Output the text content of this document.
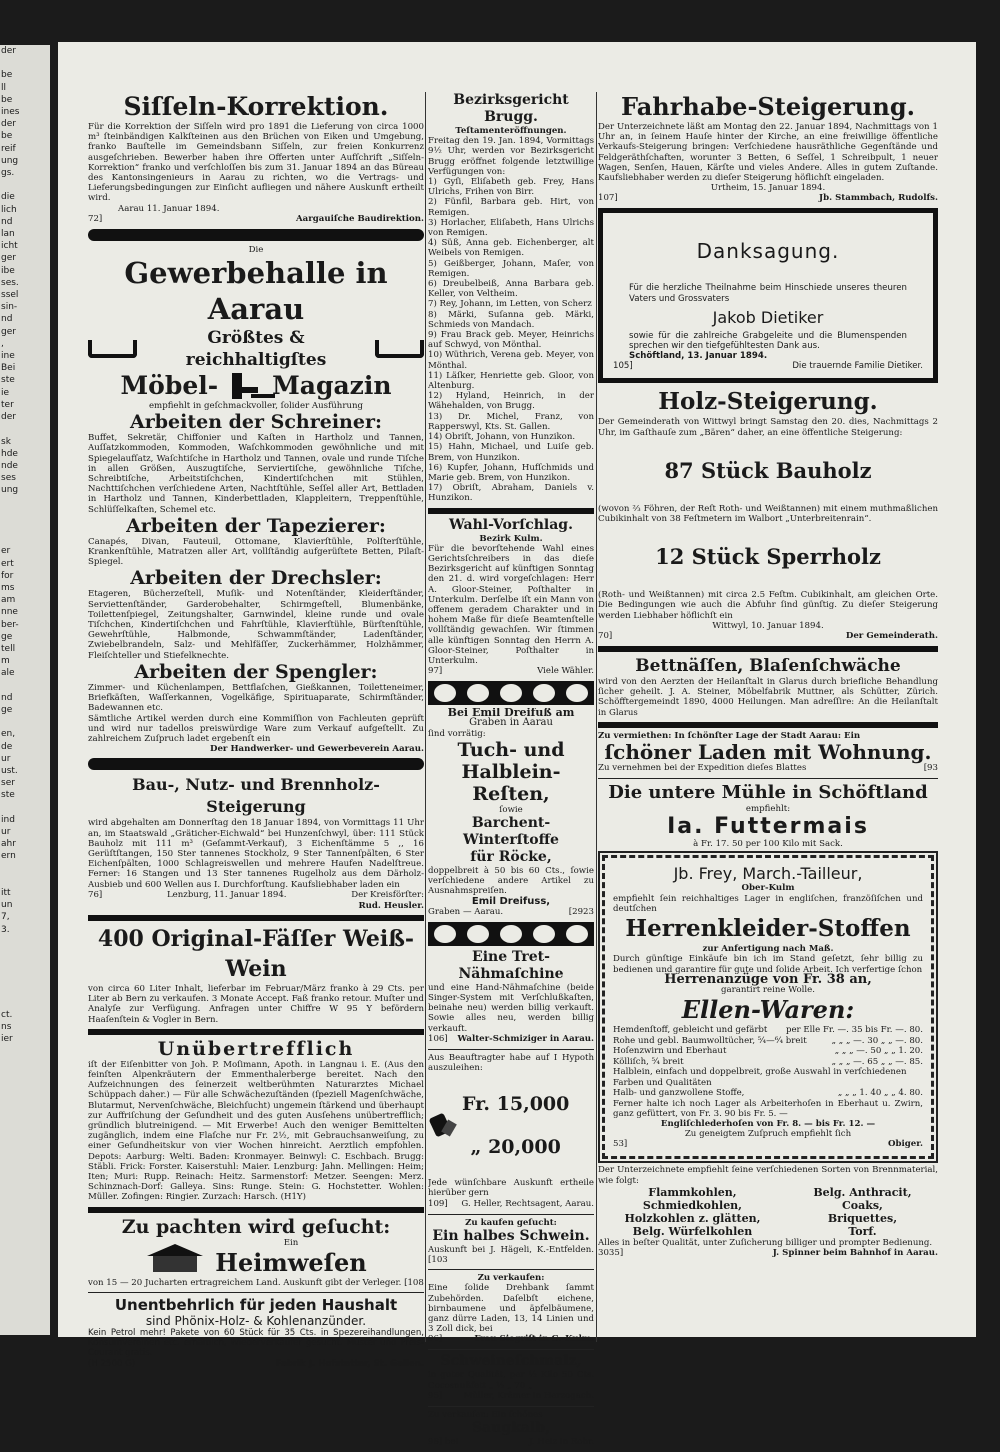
der

be
ll
be
ines
der
be
reif
ung
gs.

die
lich
nd
lan
icht
ger
ibe
ses.
ssel
sin-
nd
ger
,
ine
Bei
ste
ie
ter
der

sk
hde
nde
ses
ung

er
ert
for
ms
am
nne
ber-
ge
tell
m
ale

nd
ge

en,
de
ur
ust.
ser
ste

ind
ur
ahr
ern

itt
un
7,
3.

ct.
ns
ier

Siſſeln-Korrektion.

Für die Korrektion der Siſſeln wird pro 1891 die Lieferung von circa 1000 m³ ſteinbändigen Kalkſteinen aus den Brüchen von Eiken und Umgebung, franko Bauſtelle im Gemeindsbann Siſſeln, zur freien Konkurrenz ausgeſchrieben. Bewerber haben ihre Offerten unter Aufſchrift „Siſſeln-Korrektion“ franko und verſchloſſen bis zum 31. Januar 1894 an das Büreau des Kantonsingenieurs in Aarau zu richten, wo die Vertrags- und Lieferungsbedingungen zur Einſicht aufliegen und nähere Auskunft ertheilt wird.

Aarau 11. Januar 1894.

72]	Aargauiſche Baudirektion.

Die

Gewerbehalle in Aarau

Größtes & reichhaltigſtes
Möbel- Magazin

empfiehlt in geſchmackvoller, ſolider Ausführung

Arbeiten der Schreiner:

Buffet, Sekretär, Chiffonier und Kaſten in Hartholz und Tannen, Auſſatzkommoden, Kommoden, Waſchkommoden gewöhnliche und mit Spiegelaufſatz, Waſchtiſche in Hartholz und Tannen, ovale und runde Tiſche in allen Größen, Auszugtiſche, Serviertiſche, gewöhnliche Tiſche, Schreibtiſche, Arbeitstiſchchen, Kindertiſchchen mit Stühlen, Nachttiſchchen verſchiedene Arten, Nachtſtühle, Seſſel aller Art, Bettladen in Hartholz und Tannen, Kinderbettladen, Klappleitern, Treppenſtühle, Schlüſſelkaſten, Schemel etc.

Arbeiten der Tapezierer:

Canapés, Divan, Fauteuil, Ottomane, Klavierſtühle, Polſterſtühle, Krankenſtühle, Matratzen aller Art, vollſtändig aufgerüſtete Betten, Pilaſt-Spiegel.

Arbeiten der Drechsler:

Etageren, Bücherzeſtell, Muſik- und Notenſtänder, Kleiderſtänder, Serviettenſtänder, Garderobehalter, Schirmgeſtell, Blumenbänke, Toilettenſpiegel, Zeitungshalter, Garnwindel, kleine runde und ovale Tiſchchen, Kindertiſchchen und Fahrſtühle, Klavierſtühle, Bürſtenſtühle, Gewehrſtühle, Halbmonde, Schwammſtänder, Ladenſtänder, Zwiebelbrandeln, Salz- und Mehlfäſſer, Zuckerhämmer, Holzhämmer, Fleiſchteller und Stiefelknechte.

Arbeiten der Spengler:

Zimmer- und Küchenlampen, Bettflaſchen, Gießkannen, Toiletteneimer, Briefkäſten, Waſſerkannen, Vogelkäfige, Spirituaparate, Schirmſtänder, Badewannen etc.

Sämtliche Artikel werden durch eine Kommiſſion von Fachleuten geprüft und wird nur tadellos preiswürdige Ware zum Verkauf aufgeſtellt. Zu zahlreichem Zuſpruch ladet ergebenſt ein

Der Handwerker- und Gewerbeverein Aarau.

Bau-, Nutz- und Brennholz-Steigerung

wird abgehalten am Donnerſtag den 18 Januar 1894, von Vormittags 11 Uhr an, im Staatswald „Gräticher-Eichwald“ bei Hunzenſchwyl, über: 111 Stück Bauholz mit 111 m³ (Geſammt-Verkauf), 3 Eichenſtämme 5 ,, 16 Gerüſtſtangen, 150 Ster tannenes Stockholz, 9 Ster Tannenſpälten, 6 Ster Eichenſpälten, 1000 Schlagreiswellen und mehrere Haufen Nadelſtreue. Ferner: 16 Stangen und 13 Ster tannenes Rugelholz aus dem Därholz-Ausbieb und 600 Wellen aus I. Durchforſtung. Kaufsliebhaber laden ein

76]	Lenzburg, 11. Januar 1894.	Der Kreisförſter:

Rud. Heusler.

400 Original-Fäſſer Weiß-Wein

von circa 60 Liter Inhalt, lieferbar im Februar/März franko à 29 Cts. per Liter ab Bern zu verkaufen. 3 Monate Accept. Faß franko retour. Muſter und Analyſe zur Verfügung. Anfragen unter Chiffre W 95 Y befördern Haaſenſtein & Vogler in Bern.

Unübertrefflich

iſt der Eiſenbitter von Joh. P. Moſimann, Apoth. in Langnau i. E. (Aus den feinſten Alpenkräutern der Emmenthalerberge bereitet. Nach den Aufzeichnungen des ſeinerzeit weltberühmten Naturarztes Michael Schüppach daher.) — Für alle Schwächezuſtänden (ſpeziell Magenſchwäche, Blutarmut, Nervenſchwäche, Bleichſucht) ungemein ſtärkend und überhaupt zur Auffriſchung der Geſundheit und des guten Ausſehens unübertrefflich; gründlich blutreinigend. — Mit Erwerbe! Auch den weniger Bemittelten zugänglich, indem eine Flaſche nur Fr. 2½, mit Gebrauchsanweiſung, zu einer Geſundheitskur von vier Wochen hinreicht. Aerztlich empfohlen. Depots: Aarburg: Welti. Baden: Kronmayer. Beinwyl: C. Eschbach. Brugg: Stäbli. Frick: Forster. Kaiserstuhl: Maier. Lenzburg: Jahn. Mellingen: Heim; Iten; Muri: Rupp. Reinach: Heitz. Sarmenstorf: Metzer. Seengen: Merz. Schinznach-Dorf: Galleya. Sins: Runge. Stein: G. Hochstetter. Wohlen: Müller. Zofingen: Ringier. Zurzach: Harsch. (H1Y)

Zu pachten wird geſucht:

Ein

Heimweſen

von 15 — 20 Jucharten ertragreichem Land. Auskunft gibt der Verleger. [108

Unentbehrlich für jeden Haushalt

sind Phönix-Holz- & Kohlenanzünder.

Kein Petrol mehr! Pakete von 60 Stück für 35 Cts. in Spezereihandlungen, Konsumvereinen etc. erhältlich, Wiederverkäufer gesucht. Muster und Preis-Courant gratis.

(H 2500 G)	Fabrik J. Hofstetter, St. Gallen.

Bezirksgericht Brugg.

Teſtamenteröffnungen.

Freitag den 19. Jan. 1894, Vormittags 9½ Uhr, werden vor Bezirksgericht Brugg eröffnet folgende letztwillige Verfügungen von:

1) Gyſi, Eliſabeth geb. Frey, Hans Ulrichs, Frihen von Birr.

2) Fünfil, Barbara geb. Hirt, von Remigen.

3) Horlacher, Eliſabeth, Hans Ulrichs von Remigen.

4) Süß, Anna geb. Eichenberger, alt Weibels von Remigen.

5) Geißberger, Johann, Maſer, von Remigen.

6) Dreubelbeiß, Anna Barbara geb. Keller, von Veltheim.

7) Rey, Johann, im Letten, von Scherz

8) Märki, Suſanna geb. Märki, Schmieds von Mandach.

9) Frau Brack geb. Meyer, Heinrichs auf Schwyd, von Mönthal.

10) Wüthrich, Verena geb. Meyer, von Mönthal.

11) Läſker, Henriette geb. Gloor, von Altenburg.

12) Hyland, Heinrich, in der Wähehalden, von Brugg.

13) Dr. Michel, Franz, von Rapperswyl, Kts. St. Gallen.

14) Obriſt, Johann, von Hunzikon.

15) Hahn, Michael, und Luiſe geb. Brem, von Hunzikon.

16) Kupfer, Johann, Hufſchmids und Marie geb. Brem, von Hunzikon.

17) Obriſt, Abraham, Daniels v. Hunzikon.

Wahl-Vorſchlag.

Bezirk Kulm.

Für die bevorſtehende Wahl eines Gerichtsſchreibers in das dieſe Bezirksgericht auf künftigen Sonntag den 21. d. wird vorgeſchlagen: Herr A. Gloor-Steiner, Poſthalter in Unterkulm. Derſelbe iſt ein Mann von offenem geradem Charakter und in hohem Maße für dieſe Beamtenſtelle vollſtändig gewachſen. Wir ſtimmen alle künftigen Sonntag den Herrn A. Gloor-Steiner, Poſthalter in Unterkulm.

97]	Viele Wähler.

Bei Emil Dreifuß am

Graben in Aarau

ſind vorrätig:

Tuch- und

Halblein-Reſten,

ſowie

Barchent-Winterſtoffe

für Röcke,

doppelbreit à 50 bis 60 Cts., ſowie verſchiedene andere Artikel zu Ausnahmspreiſen.

Emil Dreifuss,

Graben — Aarau.	[2923

Eine Tret-Nähmaſchine

und eine Hand-Nähmaſchine (beide Singer-System mit Verſchlußkaſten, beinahe neu) werden billig verkauft. Sowie alles neu, werden billig verkauft.

106] Walter-Schmiziger in Aarau.

Aus Beauftragter habe auf I Hypoth auszuleihen:

Fr. 15,000

„ 20,000

Jede wünſchbare Auskunft ertheile hierüber gern

109] G. Heller, Rechtsagent, Aarau.

Zu kaufen geſucht:

Ein halbes Schwein.

Auskunft bei J. Hägeli, K.-Entfelden. [103

Zu verkaufen:

Eine ſolide Drehbank ſammt Zubehörden. Daſelbſt eichene, birnbaumene und äpfelbäumene, ganz dürre Laden, 13, 14 Linien und 3 Zoll dick, bei

96]	Frau Siegriſt in G.-Kulm.

Schweineſchmalz,

in guter Qualität, per ½ Kilo 50 Cts. Cocosnußfett „ ½ „ 70 „

95] Müller, Krämer in Herzogach.

Zu verkaufen: Ein ſchönes

Saugkalb,

98] bei	J. Heiz in Rohr.

Fahrhabe-Steigerung.

Der Unterzeichnete läßt am Montag den 22. Januar 1894, Nachmittags von 1 Uhr an, in ſeinem Hauſe hinter der Kirche, an eine freiwillige öffentliche Verkaufs-Steigerung bringen: Verſchiedene hausräthliche Gegenſtände und Feldgeräthſchaften, worunter 3 Betten, 6 Seſſel, 1 Schreibpult, 1 neuer Wagen, Senſen, Hauen, Kärſte und vieles Andere. Alles in gutem Zuſtande. Kaufsliebhaber werden zu dieſer Steigerung höflichſt eingeladen.

Urtheim, 15. Januar 1894.

107]	Jb. Stammbach, Rudolfs.

Danksagung.

Für die herzliche Theilnahme beim Hinschiede unseres theuren Vaters und Grossvaters

Jakob Dietiker

sowie für die zahlreiche Grabgeleite und die Blumenspenden sprechen wir den tiefgefühltesten Dank aus.

Schöftland, 13. Januar 1894.

105]	Die trauernde Familie Dietiker.

Holz-Steigerung.

Der Gemeinderath von Wittwyl bringt Samstag den 20. dies, Nachmittags 2 Uhr, im Gaſthauſe zum „Bären“ daher, an eine öffentliche Steigerung:

87 Stück Bauholz

(wovon ⅔ Föhren, der Reſt Roth- und Weißtannen) mit einem muthmaßlichen Cubikinhalt von 38 Feſtmetern im Walbort „Unterbreitenrain“.

12 Stück Sperrholz

(Roth- und Weißtannen) mit circa 2.5 Feſtm. Cubikinhalt, am gleichen Orte. Die Bedingungen wie auch die Abfuhr ſind günſtig. Zu dieſer Steigerung werden Liebhaber höflichſt ein

Wittwyl, 10. Januar 1894.

70]	Der Gemeinderath.

Bettnäſſen, Blaſenſchwäche

wird von den Aerzten der Heilanſtalt in Glarus durch briefliche Behandlung ſicher geheilt. J. A. Steiner, Möbelfabrik Muttner, als Schütter, Zürich. Schöfftergemeindt 1890, 4000 Heilungen. Man adreſſire: An die Heilanſtalt in Glarus

Zu vermiethen: In ſchönſter Lage der Stadt Aarau: Ein

ſchöner Laden mit Wohnung.

Zu vernehmen bei der Expedition dieſes Blattes	[93

Die untere Mühle in Schöftland

empfiehlt:

Ia. Futtermais

à Fr. 17. 50 per 100 Kilo mit Sack.

Jb. Frey, March.-Tailleur,

Ober-Kulm

empfiehlt ſein reichhaltiges Lager in engliſchen, franzöſiſchen und deutſchen

Herrenkleider-Stoffen

zur Anfertigung nach Maß.

Durch günſtige Einkäufe bin ich im Stand geſetzt, ſehr billig zu bedienen und garantire für gute und ſolide Arbeit. Ich verfertige ſchon

Herrenanzüge von Fr. 38 an,

garantirt reine Wolle.

Ellen-Waren:

Hemdenſtoff, gebleicht und gefärbt	per Elle Fr. —. 35 bis Fr. —. 80.
Rohe und gebl. Baumwolltücher, ⁵⁄₄—⁶⁄₄ breit	„ „ „ —. 30 „ „ —. 80.
Hoſenzwirn und Eberhaut	„ „ „ —. 50 „ „ 1. 20.
Kölliſch, ⁵⁄₄ breit	„ „ „ —. 65 „ „ —. 85.
Halblein, einfach und doppelbreit, große Auswahl in verſchiedenen Farben und Qualitäten
Halb- und ganzwollene Stoffe,	„ „ „ 1. 40 „ „ 4. 80.

Ferner halte ich noch Lager als Arbeiterhoſen in Eberhaut u. Zwirn, ganz gefüttert, von Fr. 3. 90 bis Fr. 5. —

Engliſchlederhoſen von Fr. 8. — bis Fr. 12. —

Zu geneigtem Zuſpruch empfiehlt ſich

53]	Obiger.

Der Unterzeichnete empfiehlt ſeine verſchiedenen Sorten von Brennmaterial, wie folgt:

Flammkohlen,

Schmiedkohlen,

Holzkohlen z. glätten,

Belg. Würfelkohlen

Belg. Anthracit,

Coaks,

Briquettes,

Torf.

Alles in beſter Qualität, unter Zuſicherung billiger und prompter Bedienung.

3035]	J. Spinner beim Bahnhof in Aarau.
